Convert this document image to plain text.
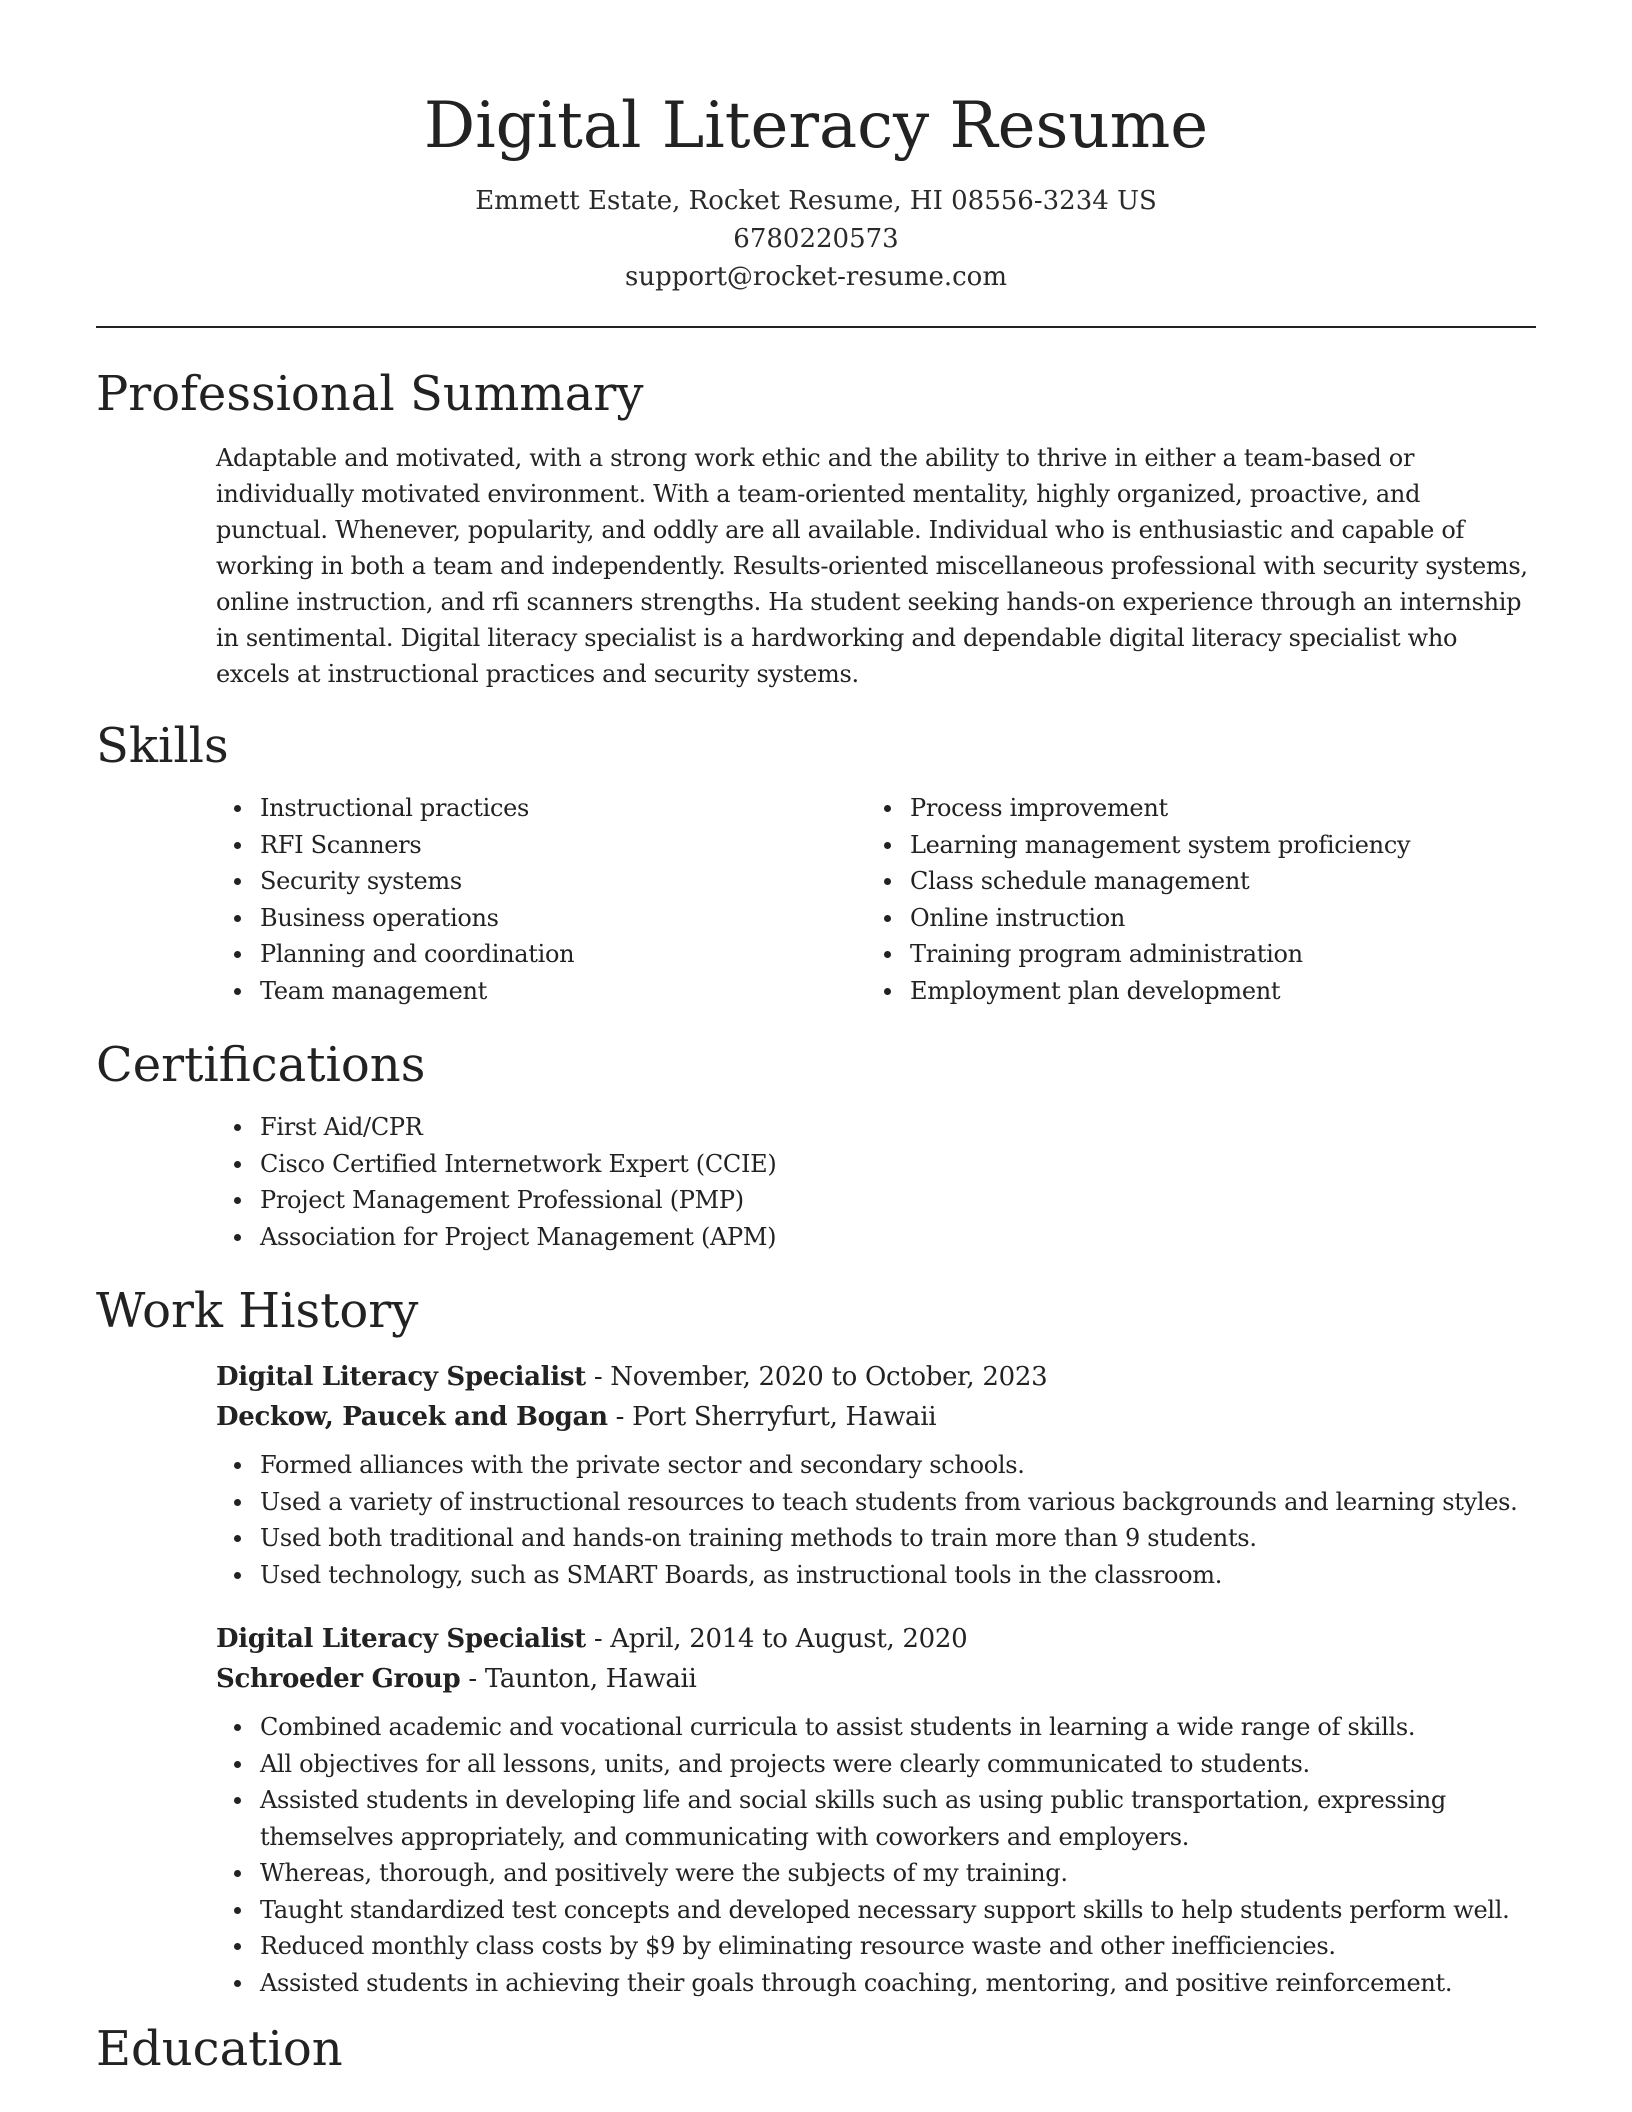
Digital Literacy Resume
Emmett Estate, Rocket Resume, HI 08556-3234 US
6780220573
support@rocket-resume.com
Professional Summary

Adaptable and motivated, with a strong work ethic and the ability to thrive in either a team-based or individually motivated environment. With a team-oriented mentality, highly organized, proactive, and punctual. Whenever, popularity, and oddly are all available. Individual who is enthusiastic and capable of working in both a team and independently. Results-oriented miscellaneous professional with security systems, online instruction, and rfi scanners strengths. Ha student seeking hands-on experience through an internship in sentimental. Digital literacy specialist is a hardworking and dependable digital literacy specialist who excels at instructional practices and security systems.

Skills
Instructional practices
RFI Scanners
Security systems
Business operations
Planning and coordination
Team management
Process improvement
Learning management system proficiency
Class schedule management
Online instruction
Training program administration
Employment plan development
Certifications
First Aid/CPR
Cisco Certified Internetwork Expert (CCIE)
Project Management Professional (PMP)
Association for Project Management (APM)
Work History
Digital Literacy Specialist - November, 2020 to October, 2023
Deckow, Paucek and Bogan - Port Sherryfurt, Hawaii
Formed alliances with the private sector and secondary schools.
Used a variety of instructional resources to teach students from various backgrounds and learning styles.
Used both traditional and hands-on training methods to train more than 9 students.
Used technology, such as SMART Boards, as instructional tools in the classroom.
Digital Literacy Specialist - April, 2014 to August, 2020
Schroeder Group - Taunton, Hawaii
Combined academic and vocational curricula to assist students in learning a wide range of skills.
All objectives for all lessons, units, and projects were clearly communicated to students.
Assisted students in developing life and social skills such as using public transportation, expressing themselves appropriately, and communicating with coworkers and employers.
Whereas, thorough, and positively were the subjects of my training.
Taught standardized test concepts and developed necessary support skills to help students perform well.
Reduced monthly class costs by $9 by eliminating resource waste and other inefficiencies.
Assisted students in achieving their goals through coaching, mentoring, and positive reinforcement.
Education
